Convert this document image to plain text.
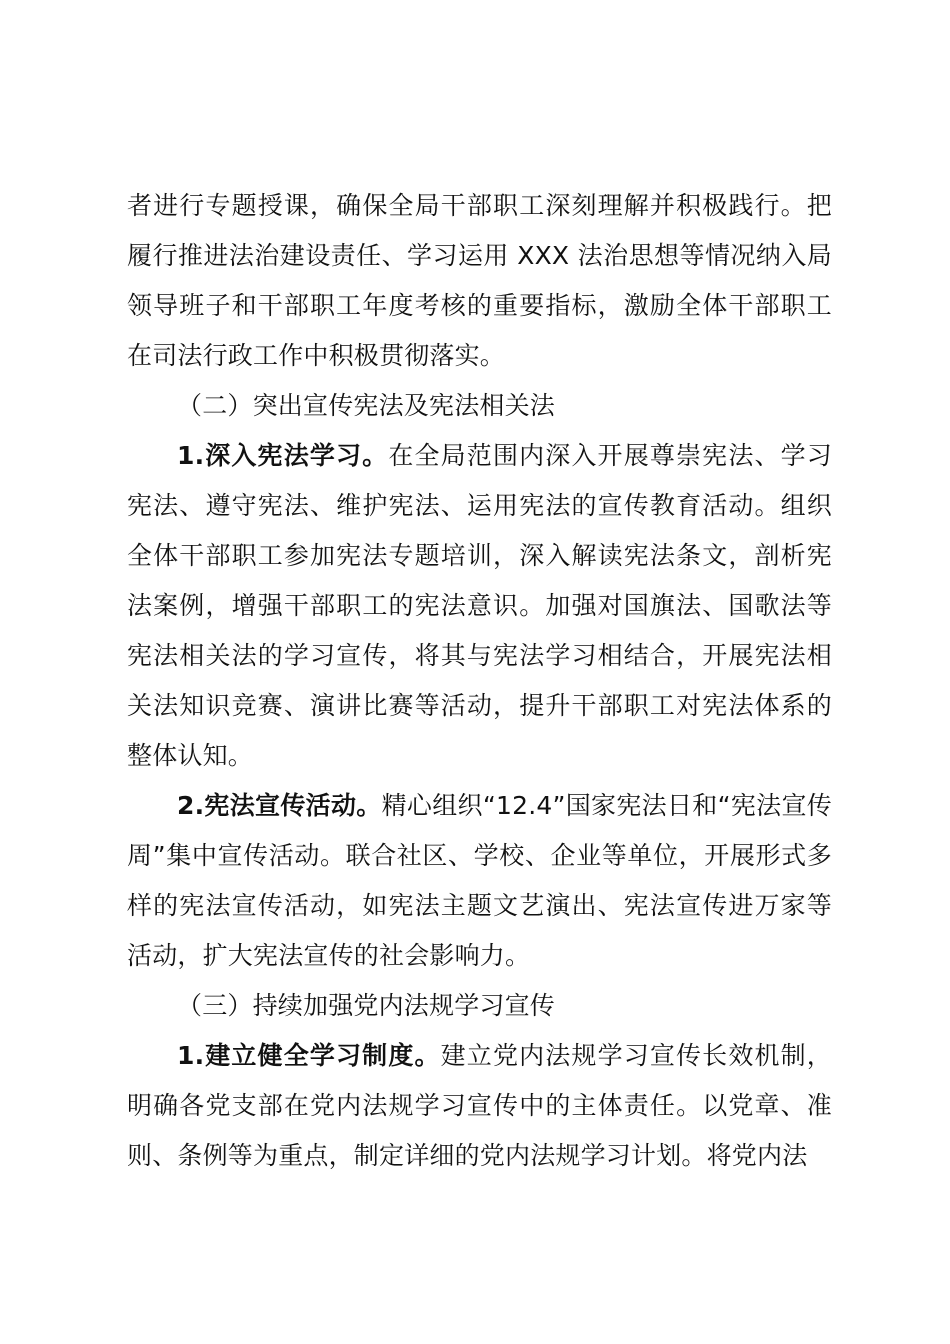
者进行专题授课，确保全局干部职工深刻理解并积极践行。把履行推进法治建设责任、学习运用 XXX 法治思想等情况纳入局领导班子和干部职工年度考核的重要指标，激励全体干部职工在司法行政工作中积极贯彻落实。

（二）突出宣传宪法及宪法相关法

1.深入宪法学习。在全局范围内深入开展尊崇宪法、学习宪法、遵守宪法、维护宪法、运用宪法的宣传教育活动。组织全体干部职工参加宪法专题培训，深入解读宪法条文，剖析宪法案例，增强干部职工的宪法意识。加强对国旗法、国歌法等宪法相关法的学习宣传，将其与宪法学习相结合，开展宪法相关法知识竞赛、演讲比赛等活动，提升干部职工对宪法体系的整体认知。

2.宪法宣传活动。精心组织“12.4”国家宪法日和“宪法宣传周”集中宣传活动。联合社区、学校、企业等单位，开展形式多样的宪法宣传活动，如宪法主题文艺演出、宪法宣传进万家等活动，扩大宪法宣传的社会影响力。

（三）持续加强党内法规学习宣传

1.建立健全学习制度。建立党内法规学习宣传长效机制，明确各党支部在党内法规学习宣传中的主体责任。以党章、准则、条例等为重点，制定详细的党内法规学习计划。将党内法
